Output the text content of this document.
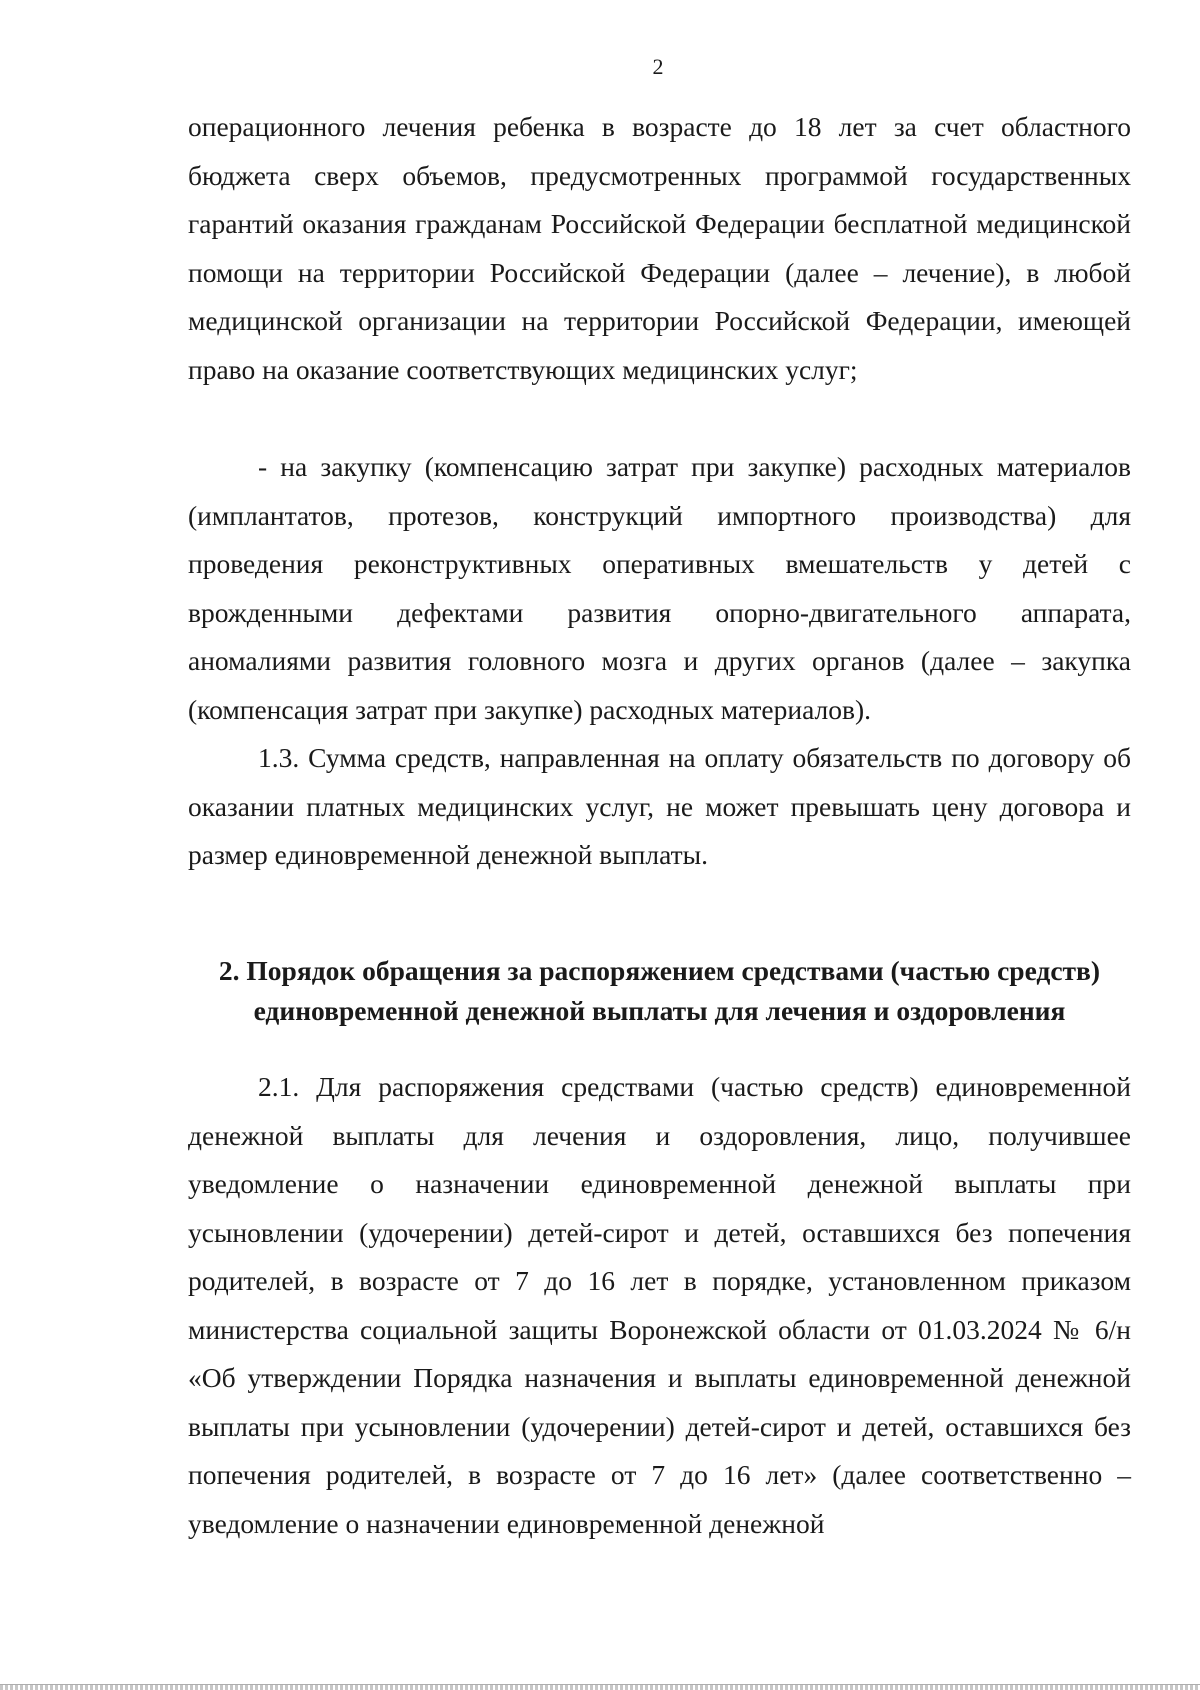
2

операционного лечения ребенка в возрасте до 18 лет за счет областного бюджета сверх объемов, предусмотренных программой государственных гарантий оказания гражданам Российской Федерации бесплатной медицинской помощи на территории Российской Федерации (далее – лечение), в любой медицинской организации на территории Российской Федерации, имеющей право на оказание соответствующих медицинских услуг;

- на закупку (компенсацию затрат при закупке) расходных материалов (имплантатов, протезов, конструкций импортного производства) для проведения реконструктивных оперативных вмешательств у детей с врожденными дефектами развития опорно-двигательного аппарата, аномалиями развития головного мозга и других органов (далее – закупка (компенсация затрат при закупке) расходных материалов).

1.3. Сумма средств, направленная на оплату обязательств по договору об оказании платных медицинских услуг, не может превышать цену договора и размер единовременной денежной выплаты.

2. Порядок обращения за распоряжением средствами (частью средств)
единовременной денежной выплаты для лечения и оздоровления

2.1. Для распоряжения средствами (частью средств) единовременной денежной выплаты для лечения и оздоровления, лицо, получившее уведомление о назначении единовременной денежной выплаты при усыновлении (удочерении) детей-сирот и детей, оставшихся без попечения родителей, в возрасте от 7 до 16 лет в порядке, установленном приказом министерства социальной защиты Воронежской области от 01.03.2024 № 6/н «Об утверждении Порядка назначения и выплаты единовременной денежной выплаты при усыновлении (удочерении) детей-сирот и детей, оставшихся без попечения родителей, в возрасте от 7 до 16 лет» (далее соответственно – уведомление о назначении единовременной денежной
